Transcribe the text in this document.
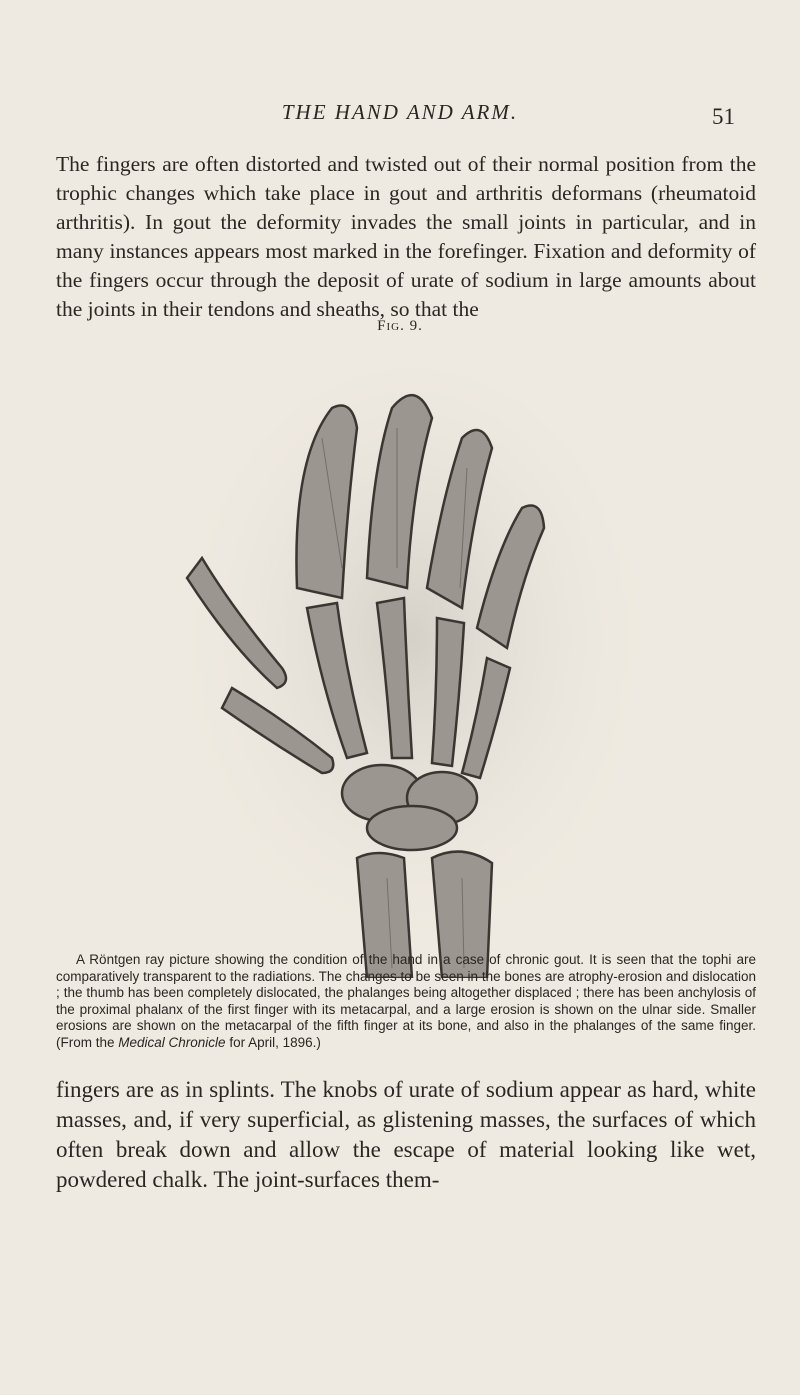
THE HAND AND ARM.	51

The fingers are often distorted and twisted out of their normal position from the trophic changes which take place in gout and arthritis deformans (rheumatoid arthritis). In gout the deformity invades the small joints in particular, and in many instances appears most marked in the forefinger. Fixation and deformity of the fingers occur through the deposit of urate of sodium in large amounts about the joints in their tendons and sheaths, so that the

Fig. 9.

A Röntgen ray picture showing the condition of the hand in a case of chronic gout. It is seen that the tophi are comparatively transparent to the radiations. The changes to be seen in the bones are atrophy-erosion and dislocation ; the thumb has been completely dislocated, the phalanges being altogether displaced ; there has been anchylosis of the proximal phalanx of the first finger with its metacarpal, and a large erosion is shown on the ulnar side. Smaller erosions are shown on the metacarpal of the fifth finger at its bone, and also in the phalanges of the same finger. (From the Medical Chronicle for April, 1896.)

fingers are as in splints. The knobs of urate of sodium appear as hard, white masses, and, if very superficial, as glistening masses, the surfaces of which often break down and allow the escape of material looking like wet, powdered chalk. The joint-surfaces them-
